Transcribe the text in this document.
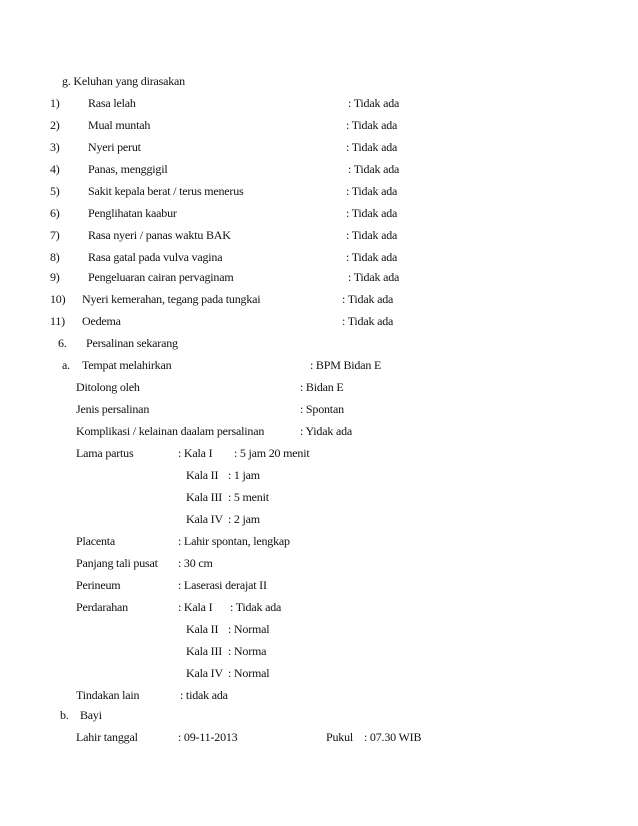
g. Keluhan yang dirasakan
1) Rasa lelah	: Tidak ada
2) Mual muntah	: Tidak ada
3) Nyeri perut	: Tidak ada
4) Panas, menggigil	: Tidak ada
5) Sakit kepala berat / terus menerus	: Tidak ada
6) Penglihatan kaabur	: Tidak ada
7) Rasa nyeri / panas waktu BAK	: Tidak ada
8) Rasa gatal pada vulva vagina	: Tidak ada
9) Pengeluaran cairan pervaginam	: Tidak ada
10) Nyeri kemerahan, tegang pada tungkai	: Tidak ada
11) Oedema	: Tidak ada
6. Persalinan sekarang
a. Tempat melahirkan	: BPM Bidan E
Ditolong oleh	: Bidan E
Jenis persalinan	: Spontan
Komplikasi / kelainan daalam persalinan	: Yidak ada
Lama partus	: Kala I : 5 jam 20 menit
Kala II : 1 jam
Kala III : 5 menit
Kala IV : 2 jam
Placenta	: Lahir spontan, lengkap
Panjang tali pusat : 30 cm
Perineum	: Laserasi derajat II
Perdarahan	: Kala I : Tidak ada
Kala II : Normal
Kala III : Norma
Kala IV : Normal
Tindakan lain	: tidak ada
b. Bayi
Lahir tanggal	: 09-11-2013	Pukul : 07.30 WIB
